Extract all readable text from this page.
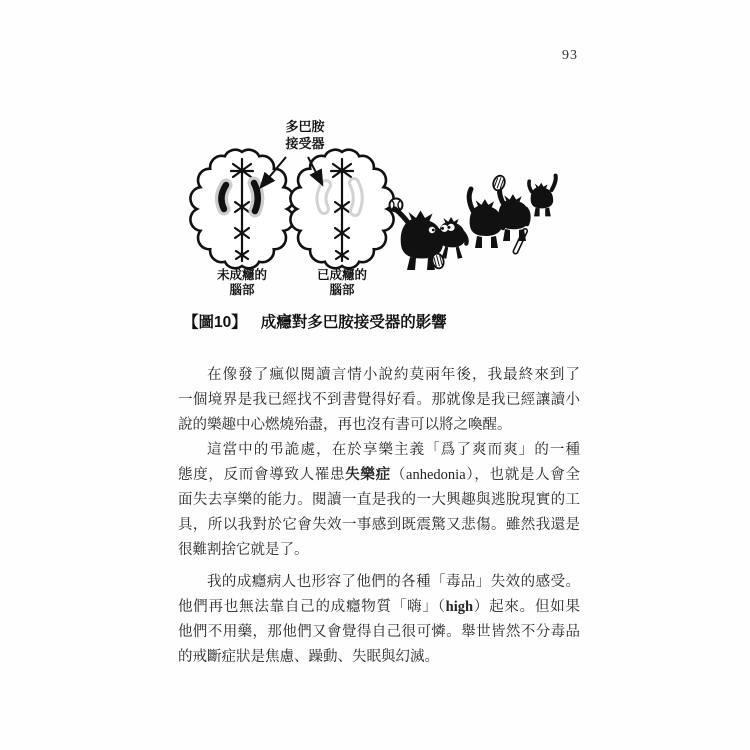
93
多巴胺
接受器
未成癮的
腦部
已成癮的
腦部
【圖10】 成癮對多巴胺接受器的影響
在像發了瘋似閱讀言情小說約莫兩年後，我最終來到了
一個境界是我已經找不到書覺得好看。那就像是我已經讓讀小
說的樂趣中心燃燒殆盡，再也沒有書可以將之喚醒。
這當中的弔詭處，在於享樂主義「爲了爽而爽」的一種
態度，反而會導致人罹患失樂症（anhedonia），也就是人會全
面失去享樂的能力。閱讀一直是我的一大興趣與逃脫現實的工
具，所以我對於它會失效一事感到既震驚又悲傷。雖然我還是
很難割捨它就是了。
我的成癮病人也形容了他們的各種「毒品」失效的感受。
他們再也無法靠自己的成癮物質「嗨」（high）起來。但如果
他們不用藥，那他們又會覺得自己很可憐。舉世皆然不分毒品
的戒斷症狀是焦慮、躁動、失眠與幻滅。
